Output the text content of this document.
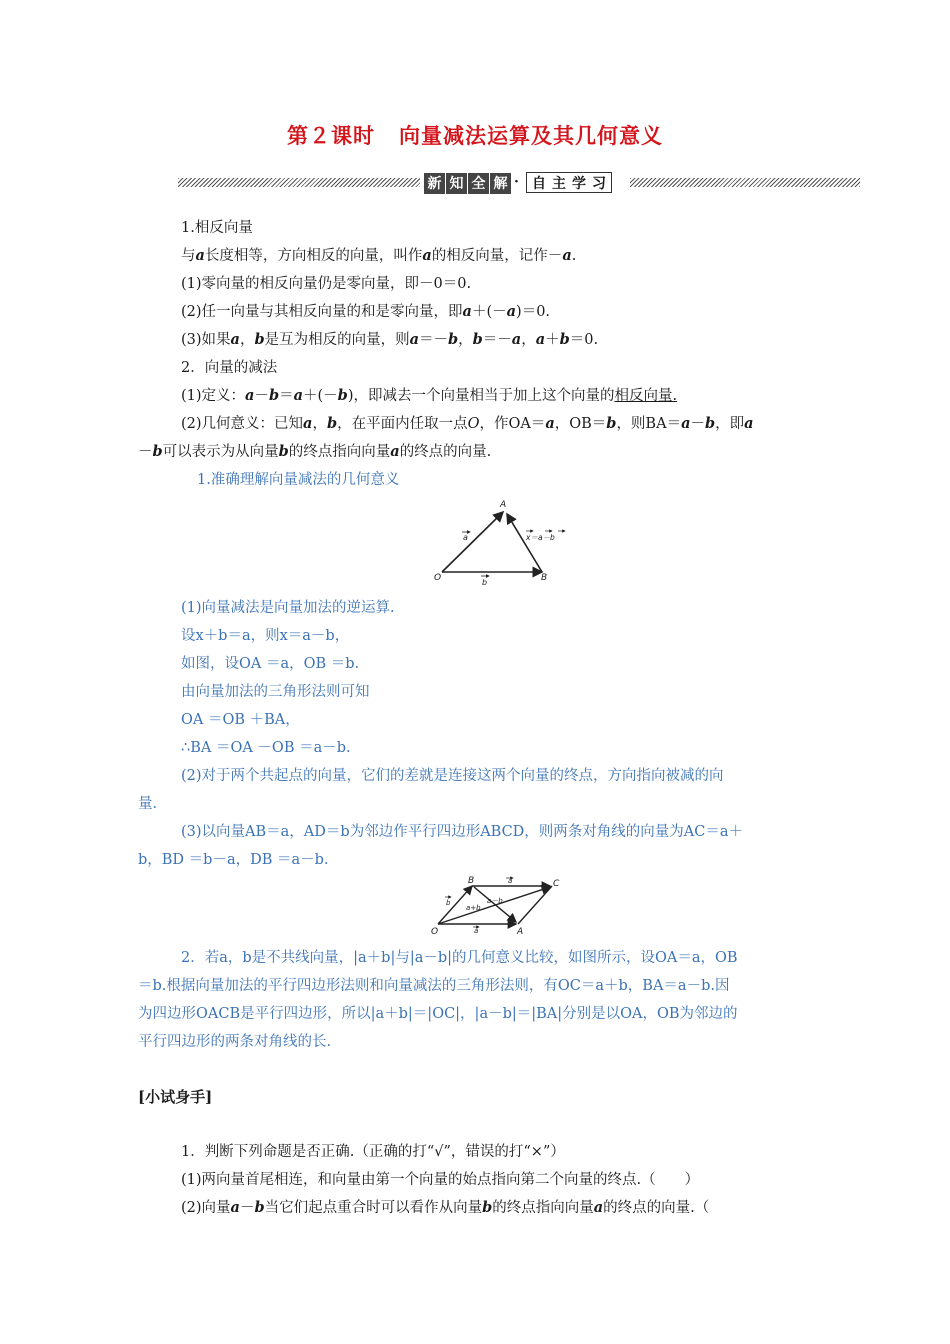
第２课时 向量减法运算及其几何意义
新 知 全 解 · 自 主 学 习
1.相反向量
与a长度相等，方向相反的向量，叫作a的相反向量，记作－a.
(1)零向量的相反向量仍是零向量，即－0＝0.
(2)任一向量与其相反向量的和是零向量，即a＋(－a)＝0.
(3)如果a，b是互为相反的向量，则a＝－b，b＝－a，a＋b＝0.
2．向量的减法
(1)定义：a－b＝a＋(－b)，即减去一个向量相当于加上这个向量的相反向量.
(2)几何意义：已知a，b，在平面内任取一点O，作OA＝a，OB＝b，则BA＝a－b，即a
－b可以表示为从向量b的终点指向向量a的终点的向量.
1.准确理解向量减法的几何意义
A
O	B
a
b
x＝a－b
(1)向量减法是向量加法的逆运算.
设x＋b＝a，则x＝a－b，
如图，设OA ＝a，OB ＝b.
由向量加法的三角形法则可知
OA ＝OB ＋BA，
∴BA ＝OA －OB ＝a－b.
(2)对于两个共起点的向量，它们的差就是连接这两个向量的终点，方向指向被减的向
量.
(3)以向量AB＝a，AD＝b为邻边作平行四边形ABCD，则两条对角线的向量为AC＝a＋
b，BD ＝b－a，DB ＝a－b.
B	C
O	A
b
a+b
a－b
a
a
2．若a，b是不共线向量，|a＋b|与|a－b|的几何意义比较，如图所示，设OA＝a，OB
＝b.根据向量加法的平行四边形法则和向量减法的三角形法则，有OC＝a＋b，BA＝a－b.因
为四边形OACB是平行四边形，所以|a＋b|＝|OC|，|a－b|＝|BA|分别是以OA，OB为邻边的
平行四边形的两条对角线的长.
[小试身手]
1．判断下列命题是否正确.（正确的打“√”，错误的打“×”）
(1)两向量首尾相连，和向量由第一个向量的始点指向第二个向量的终点.（　　）
(2)向量a－b当它们起点重合时可以看作从向量b的终点指向向量a的终点的向量.（
